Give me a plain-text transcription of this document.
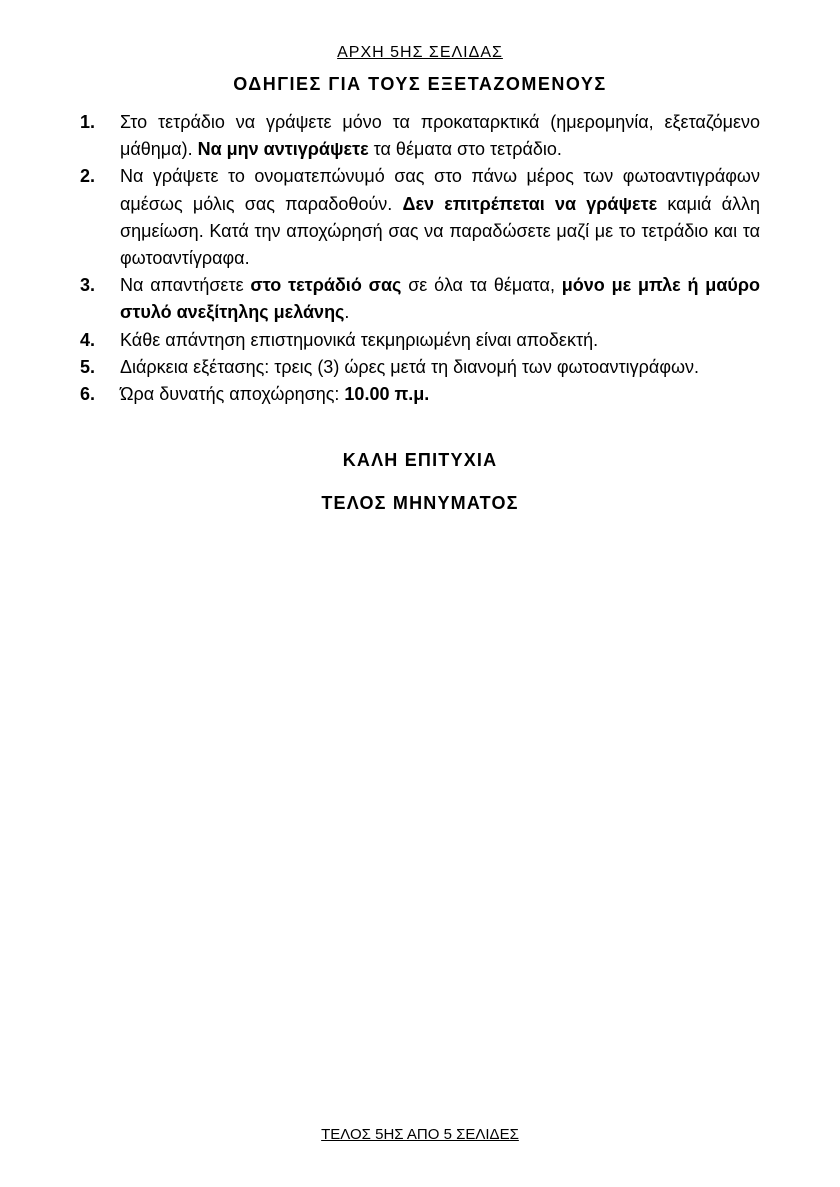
ΑΡΧΗ 5ΗΣ ΣΕΛΙΔΑΣ
ΟΔΗΓΙΕΣ ΓΙΑ ΤΟΥΣ ΕΞΕΤΑΖΟΜΕΝΟΥΣ
1. Στο τετράδιο να γράψετε μόνο τα προκαταρκτικά (ημερομηνία, εξεταζόμενο μάθημα). Να μην αντιγράψετε τα θέματα στο τετράδιο.
2. Να γράψετε το ονοματεπώνυμό σας στο πάνω μέρος των φωτοαντιγράφων αμέσως μόλις σας παραδοθούν. Δεν επιτρέπεται να γράψετε καμιά άλλη σημείωση. Κατά την αποχώρησή σας να παραδώσετε μαζί με το τετράδιο και τα φωτοαντίγραφα.
3. Να απαντήσετε στο τετράδιό σας σε όλα τα θέματα, μόνο με μπλε ή μαύρο στυλό ανεξίτηλης μελάνης.
4. Κάθε απάντηση επιστημονικά τεκμηριωμένη είναι αποδεκτή.
5. Διάρκεια εξέτασης: τρεις (3) ώρες μετά τη διανομή των φωτοαντιγράφων.
6. Ώρα δυνατής αποχώρησης: 10.00 π.μ.
ΚΑΛΗ ΕΠΙΤΥΧΙΑ
ΤΕΛΟΣ ΜΗΝΥΜΑΤΟΣ
ΤΕΛΟΣ 5ΗΣ ΑΠΟ 5 ΣΕΛΙΔΕΣ
